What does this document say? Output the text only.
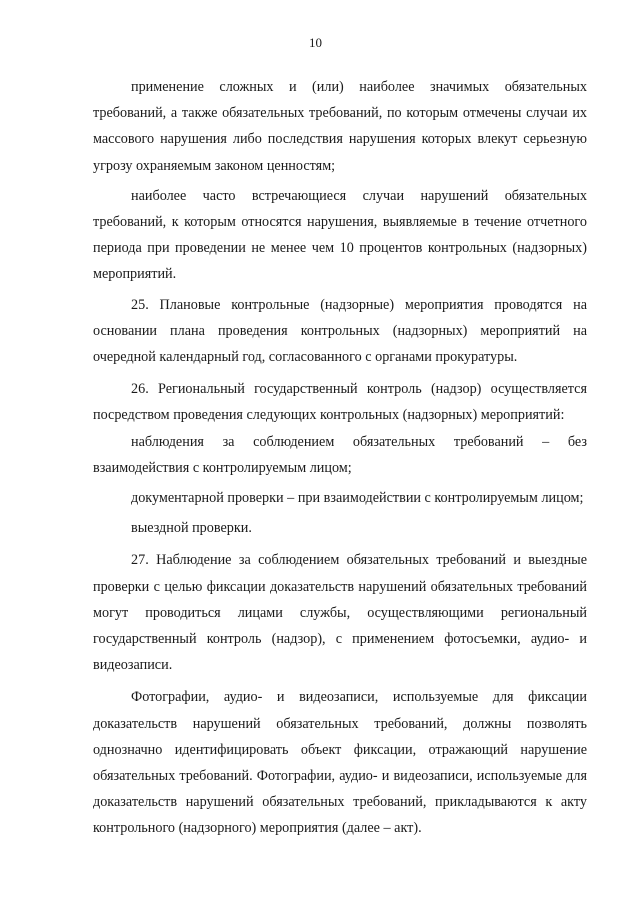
10

применение сложных и (или) наиболее значимых обязательных требований, а также обязательных требований, по которым отмечены случаи их массового нарушения либо последствия нарушения которых влекут серьезную угрозу охраняемым законом ценностям;

наиболее часто встречающиеся случаи нарушений обязательных требований, к которым относятся нарушения, выявляемые в течение отчетного периода при проведении не менее чем 10 процентов контрольных (надзорных) мероприятий.

25. Плановые контрольные (надзорные) мероприятия проводятся на основании плана проведения контрольных (надзорных) мероприятий на очередной календарный год, согласованного с органами прокуратуры.

26. Региональный государственный контроль (надзор) осуществляется посредством проведения следующих контрольных (надзорных) мероприятий:

наблюдения за соблюдением обязательных требований – без взаимодействия с контролируемым лицом;

документарной проверки – при взаимодействии с контролируемым лицом;

выездной проверки.

27. Наблюдение за соблюдением обязательных требований и выездные проверки с целью фиксации доказательств нарушений обязательных требований могут проводиться лицами службы, осуществляющими региональный государственный контроль (надзор), с применением фотосъемки, аудио- и видеозаписи.

Фотографии, аудио- и видеозаписи, используемые для фиксации доказательств нарушений обязательных требований, должны позволять однозначно идентифицировать объект фиксации, отражающий нарушение обязательных требований. Фотографии, аудио- и видеозаписи, используемые для доказательств нарушений обязательных требований, прикладываются к акту контрольного (надзорного) мероприятия (далее – акт).
